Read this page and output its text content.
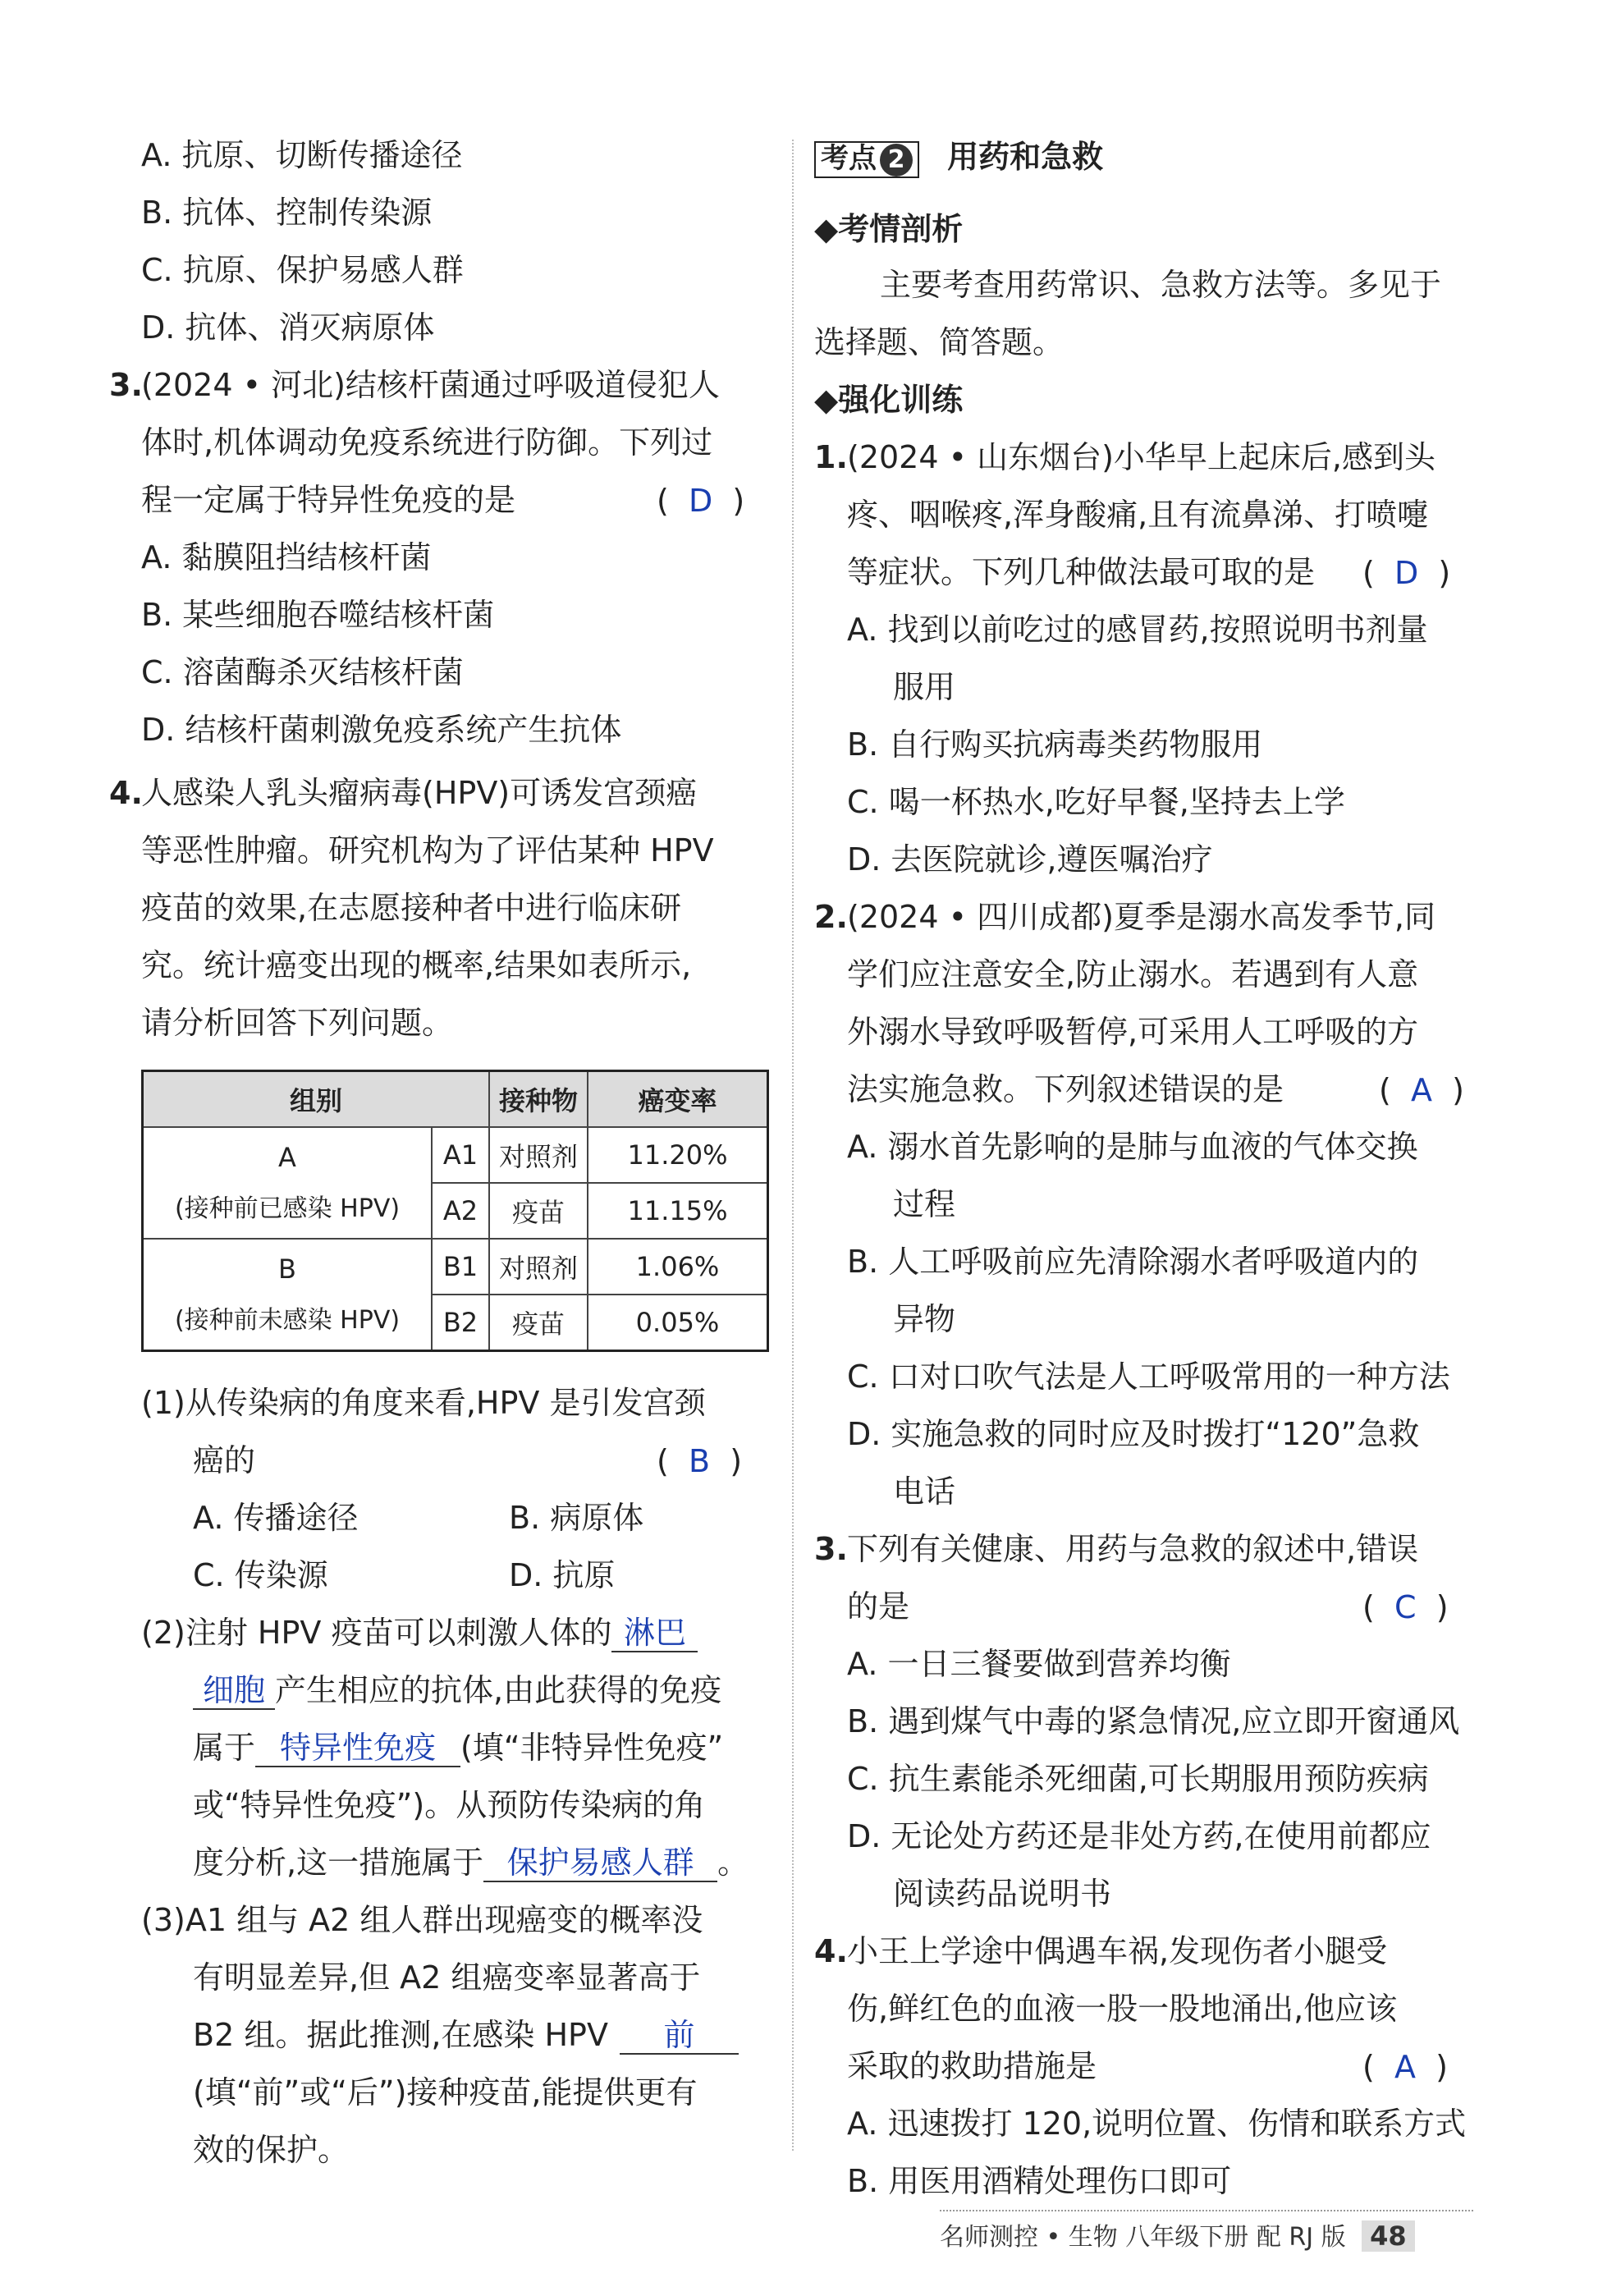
A. 抗原、切断传播途径
B. 抗体、控制传染源
C. 抗原、保护易感人群
D. 抗体、消灭病原体
3.
(2024 • 河北)结核杆菌通过呼吸道侵犯人
体时,机体调动免疫系统进行防御。下列过
程一定属于特异性免疫的是	(  D  )
A. 黏膜阻挡结核杆菌
B. 某些细胞吞噬结核杆菌
C. 溶菌酶杀灭结核杆菌
D. 结核杆菌刺激免疫系统产生抗体
4.
人感染人乳头瘤病毒(HPV)可诱发宫颈癌
等恶性肿瘤。研究机构为了评估某种 HPV
疫苗的效果,在志愿接种者中进行临床研
究。统计癌变出现的概率,结果如表所示,
请分析回答下列问题。
组别		接种物	癌变率

A
(接种前已感染 HPV)	A1	对照剂	11.20%
	A2	疫苗	11.15%

B
(接种前未感染 HPV)	B1	对照剂	1.06%
	B2	疫苗	0.05%
(1)从传染病的角度来看,HPV 是引发宫颈
癌的	(  B  )
A. 传播途径	B. 病原体
C. 传染源	D. 抗原
(2)注射 HPV 疫苗可以刺激人体的 淋巴
细胞 产生相应的抗体,由此获得的免疫
属于 特异性免疫 (填“非特异性免疫”
或“特异性免疫”)。从预防传染病的角
度分析,这一措施属于 保护易感人群 。
(3)A1 组与 A2 组人群出现癌变的概率没
有明显差异,但 A2 组癌变率显著高于
B2 组。据此推测,在感染 HPV 前
(填“前”或“后”)接种疫苗,能提供更有
效的保护。
考点 2 用药和急救
◆考情剖析
主要考查用药常识、急救方法等。多见于
选择题、简答题。
◆强化训练
1. (2024 • 山东烟台)小华早上起床后,感到头
疼、咽喉疼,浑身酸痛,且有流鼻涕、打喷嚏
等症状。下列几种做法最可取的是 (  D  )
A. 找到以前吃过的感冒药,按照说明书剂量
服用
B. 自行购买抗病毒类药物服用
C. 喝一杯热水,吃好早餐,坚持去上学
D. 去医院就诊,遵医嘱治疗
2. (2024 • 四川成都)夏季是溺水高发季节,同
学们应注意安全,防止溺水。若遇到有人意
外溺水导致呼吸暂停,可采用人工呼吸的方
法实施急救。下列叙述错误的是	(  A  )
A. 溺水首先影响的是肺与血液的气体交换
过程
B. 人工呼吸前应先清除溺水者呼吸道内的
异物
C. 口对口吹气法是人工呼吸常用的一种方法
D. 实施急救的同时应及时拨打“120”急救
电话
3. 下列有关健康、用药与急救的叙述中,错误
的是	(  C  )
A. 一日三餐要做到营养均衡
B. 遇到煤气中毒的紧急情况,应立即开窗通风
C. 抗生素能杀死细菌,可长期服用预防疾病
D. 无论处方药还是非处方药,在使用前都应
阅读药品说明书
4. 小王上学途中偶遇车祸,发现伤者小腿受
伤,鲜红色的血液一股一股地涌出,他应该
采取的救助措施是	(  A  )
A. 迅速拨打 120,说明位置、伤情和联系方式
B. 用医用酒精处理伤口即可
名师测控 • 生物 八年级下册 配 RJ 版 48
